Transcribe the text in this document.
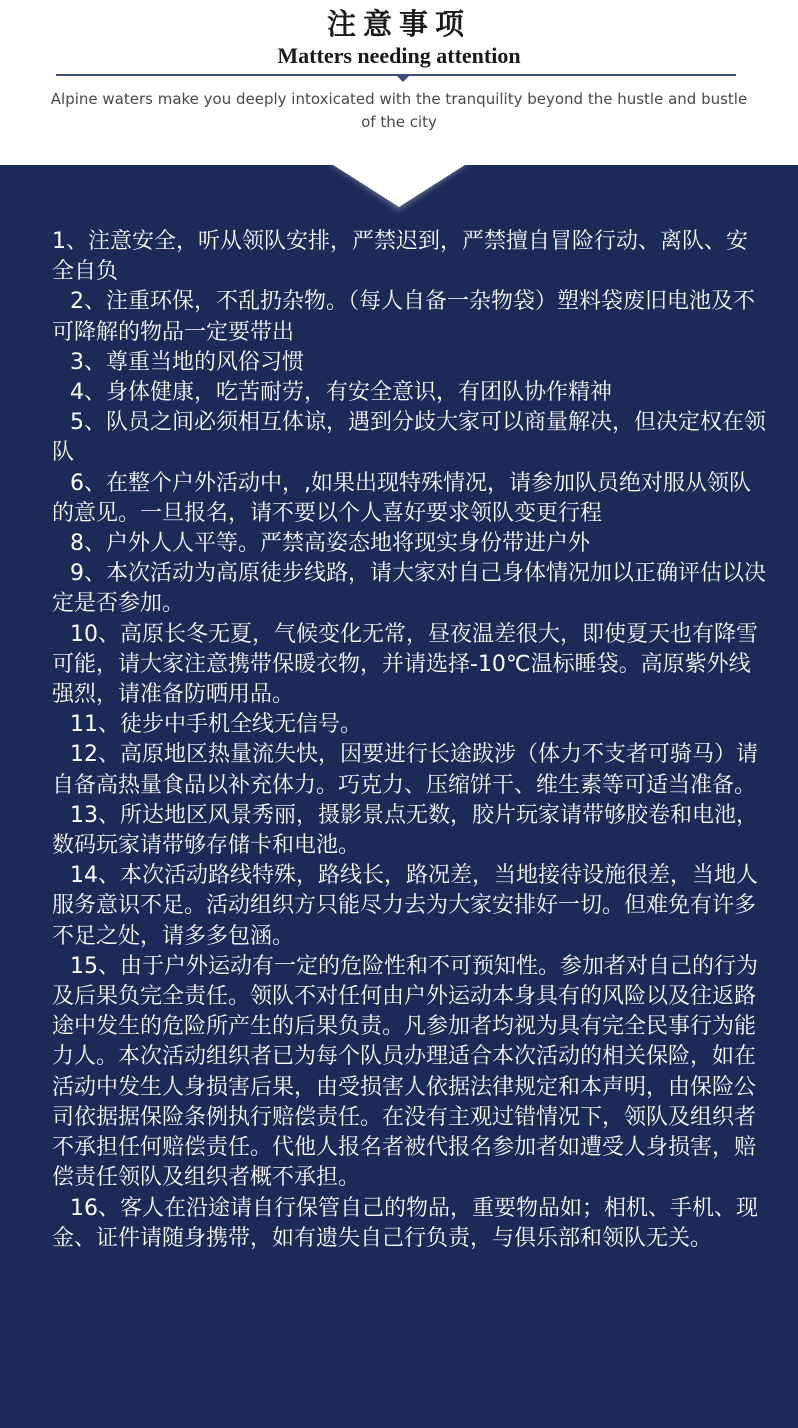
注意事项
Matters needing attention
Alpine waters make you deeply intoxicated with the tranquility beyond the hustle and bustle of the city

1、注意安全，听从领队安排，严禁迟到，严禁擅自冒险行动、离队、安全自负

2、注重环保，不乱扔杂物。（每人自备一杂物袋）塑料袋废旧电池及不可降解的物品一定要带出

3、尊重当地的风俗习惯

4、身体健康，吃苦耐劳，有安全意识，有团队协作精神

5、队员之间必须相互体谅，遇到分歧大家可以商量解决，但决定权在领队

6、在整个户外活动中，,如果出现特殊情况，请参加队员绝对服从领队的意见。一旦报名，请不要以个人喜好要求领队变更行程

8、户外人人平等。严禁高姿态地将现实身份带进户外

9、本次活动为高原徒步线路，请大家对自己身体情况加以正确评估以决定是否参加。

10、高原长冬无夏，气候变化无常，昼夜温差很大，即使夏天也有降雪可能，请大家注意携带保暖衣物，并请选择-10℃温标睡袋。高原紫外线强烈，请准备防晒用品。

11、徒步中手机全线无信号。

12、高原地区热量流失快，因要进行长途跋涉（体力不支者可骑马）请自备高热量食品以补充体力。巧克力、压缩饼干、维生素等可适当准备。

13、所达地区风景秀丽，摄影景点无数，胶片玩家请带够胶卷和电池，数码玩家请带够存储卡和电池。

14、本次活动路线特殊，路线长，路况差，当地接待设施很差，当地人服务意识不足。活动组织方只能尽力去为大家安排好一切。但难免有许多不足之处，请多多包涵。

15、由于户外运动有一定的危险性和不可预知性。参加者对自己的行为及后果负完全责任。领队不对任何由户外运动本身具有的风险以及往返路途中发生的危险所产生的后果负责。凡参加者均视为具有完全民事行为能力人。本次活动组织者已为每个队员办理适合本次活动的相关保险，如在活动中发生人身损害后果，由受损害人依据法律规定和本声明，由保险公司依据据保险条例执行赔偿责任。在没有主观过错情况下，领队及组织者不承担任何赔偿责任。代他人报名者被代报名参加者如遭受人身损害，赔偿责任领队及组织者概不承担。

16、客人在沿途请自行保管自己的物品，重要物品如；相机、手机、现金、证件请随身携带，如有遗失自己行负责，与俱乐部和领队无关。
